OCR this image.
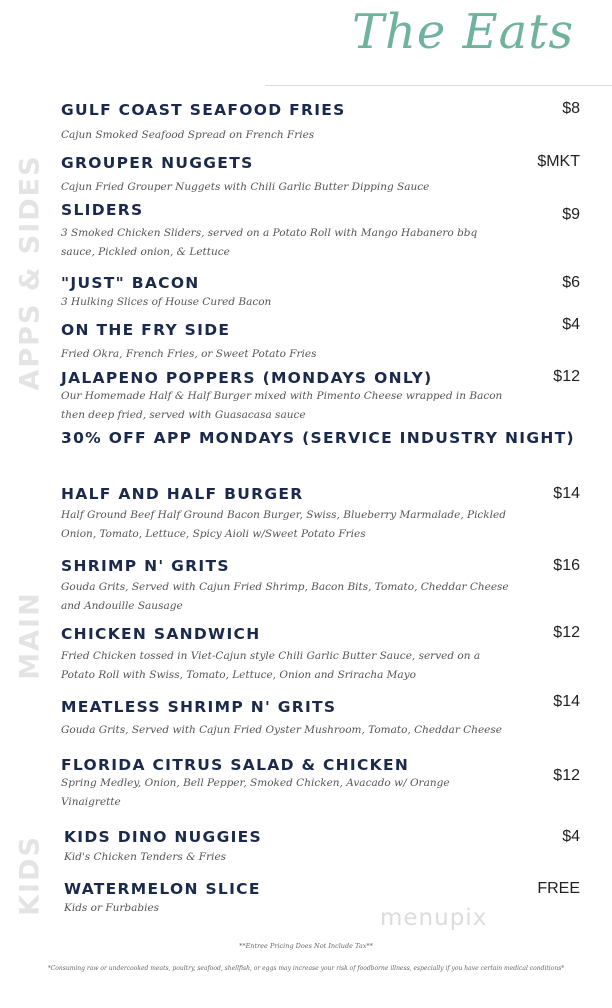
The Eats
APPS & SIDES
MAIN
KIDS
GULF COAST SEAFOOD FRIES	$8
Cajun Smoked Seafood Spread on French Fries
GROUPER NUGGETS	$MKT
Cajun Fried Grouper Nuggets with Chili Garlic Butter Dipping Sauce
SLIDERS	$9
3 Smoked Chicken Sliders, served on a Potato Roll with Mango Habanero bbq sauce, Pickled onion, & Lettuce
"JUST" BACON	$6
3 Hulking Slices of House Cured Bacon
ON THE FRY SIDE	$4
Fried Okra, French Fries, or Sweet Potato Fries
JALAPENO POPPERS (MONDAYS ONLY)	$12
Our Homemade Half & Half Burger mixed with Pimento Cheese wrapped in Bacon then deep fried, served with Guasacasa sauce
30% OFF APP MONDAYS (SERVICE INDUSTRY NIGHT)
HALF AND HALF BURGER	$14
Half Ground Beef Half Ground Bacon Burger, Swiss, Blueberry Marmalade, Pickled Onion, Tomato, Lettuce, Spicy Aioli w/Sweet Potato Fries
SHRIMP N' GRITS	$16
Gouda Grits, Served with Cajun Fried Shrimp, Bacon Bits, Tomato, Cheddar Cheese and Andouille Sausage
CHICKEN SANDWICH	$12
Fried Chicken tossed in Viet-Cajun style Chili Garlic Butter Sauce, served on a Potato Roll with Swiss, Tomato, Lettuce, Onion and Sriracha Mayo
MEATLESS SHRIMP N' GRITS	$14
Gouda Grits, Served with Cajun Fried Oyster Mushroom, Tomato, Cheddar Cheese
FLORIDA CITRUS SALAD & CHICKEN
$12
Spring Medley, Onion, Bell Pepper, Smoked Chicken, Avacado w/ Orange Vinaigrette
KIDS DINO NUGGIES	$4
Kid's Chicken Tenders & Fries
WATERMELON SLICE	FREE
Kids or Furbabies	menupix
**Entree Pricing Does Not Include Tax**
*Consuming raw or undercooked meats, poultry, seafood, shellfish, or eggs may increase your risk of foodborne illness, especially if you have certain medical conditions*
